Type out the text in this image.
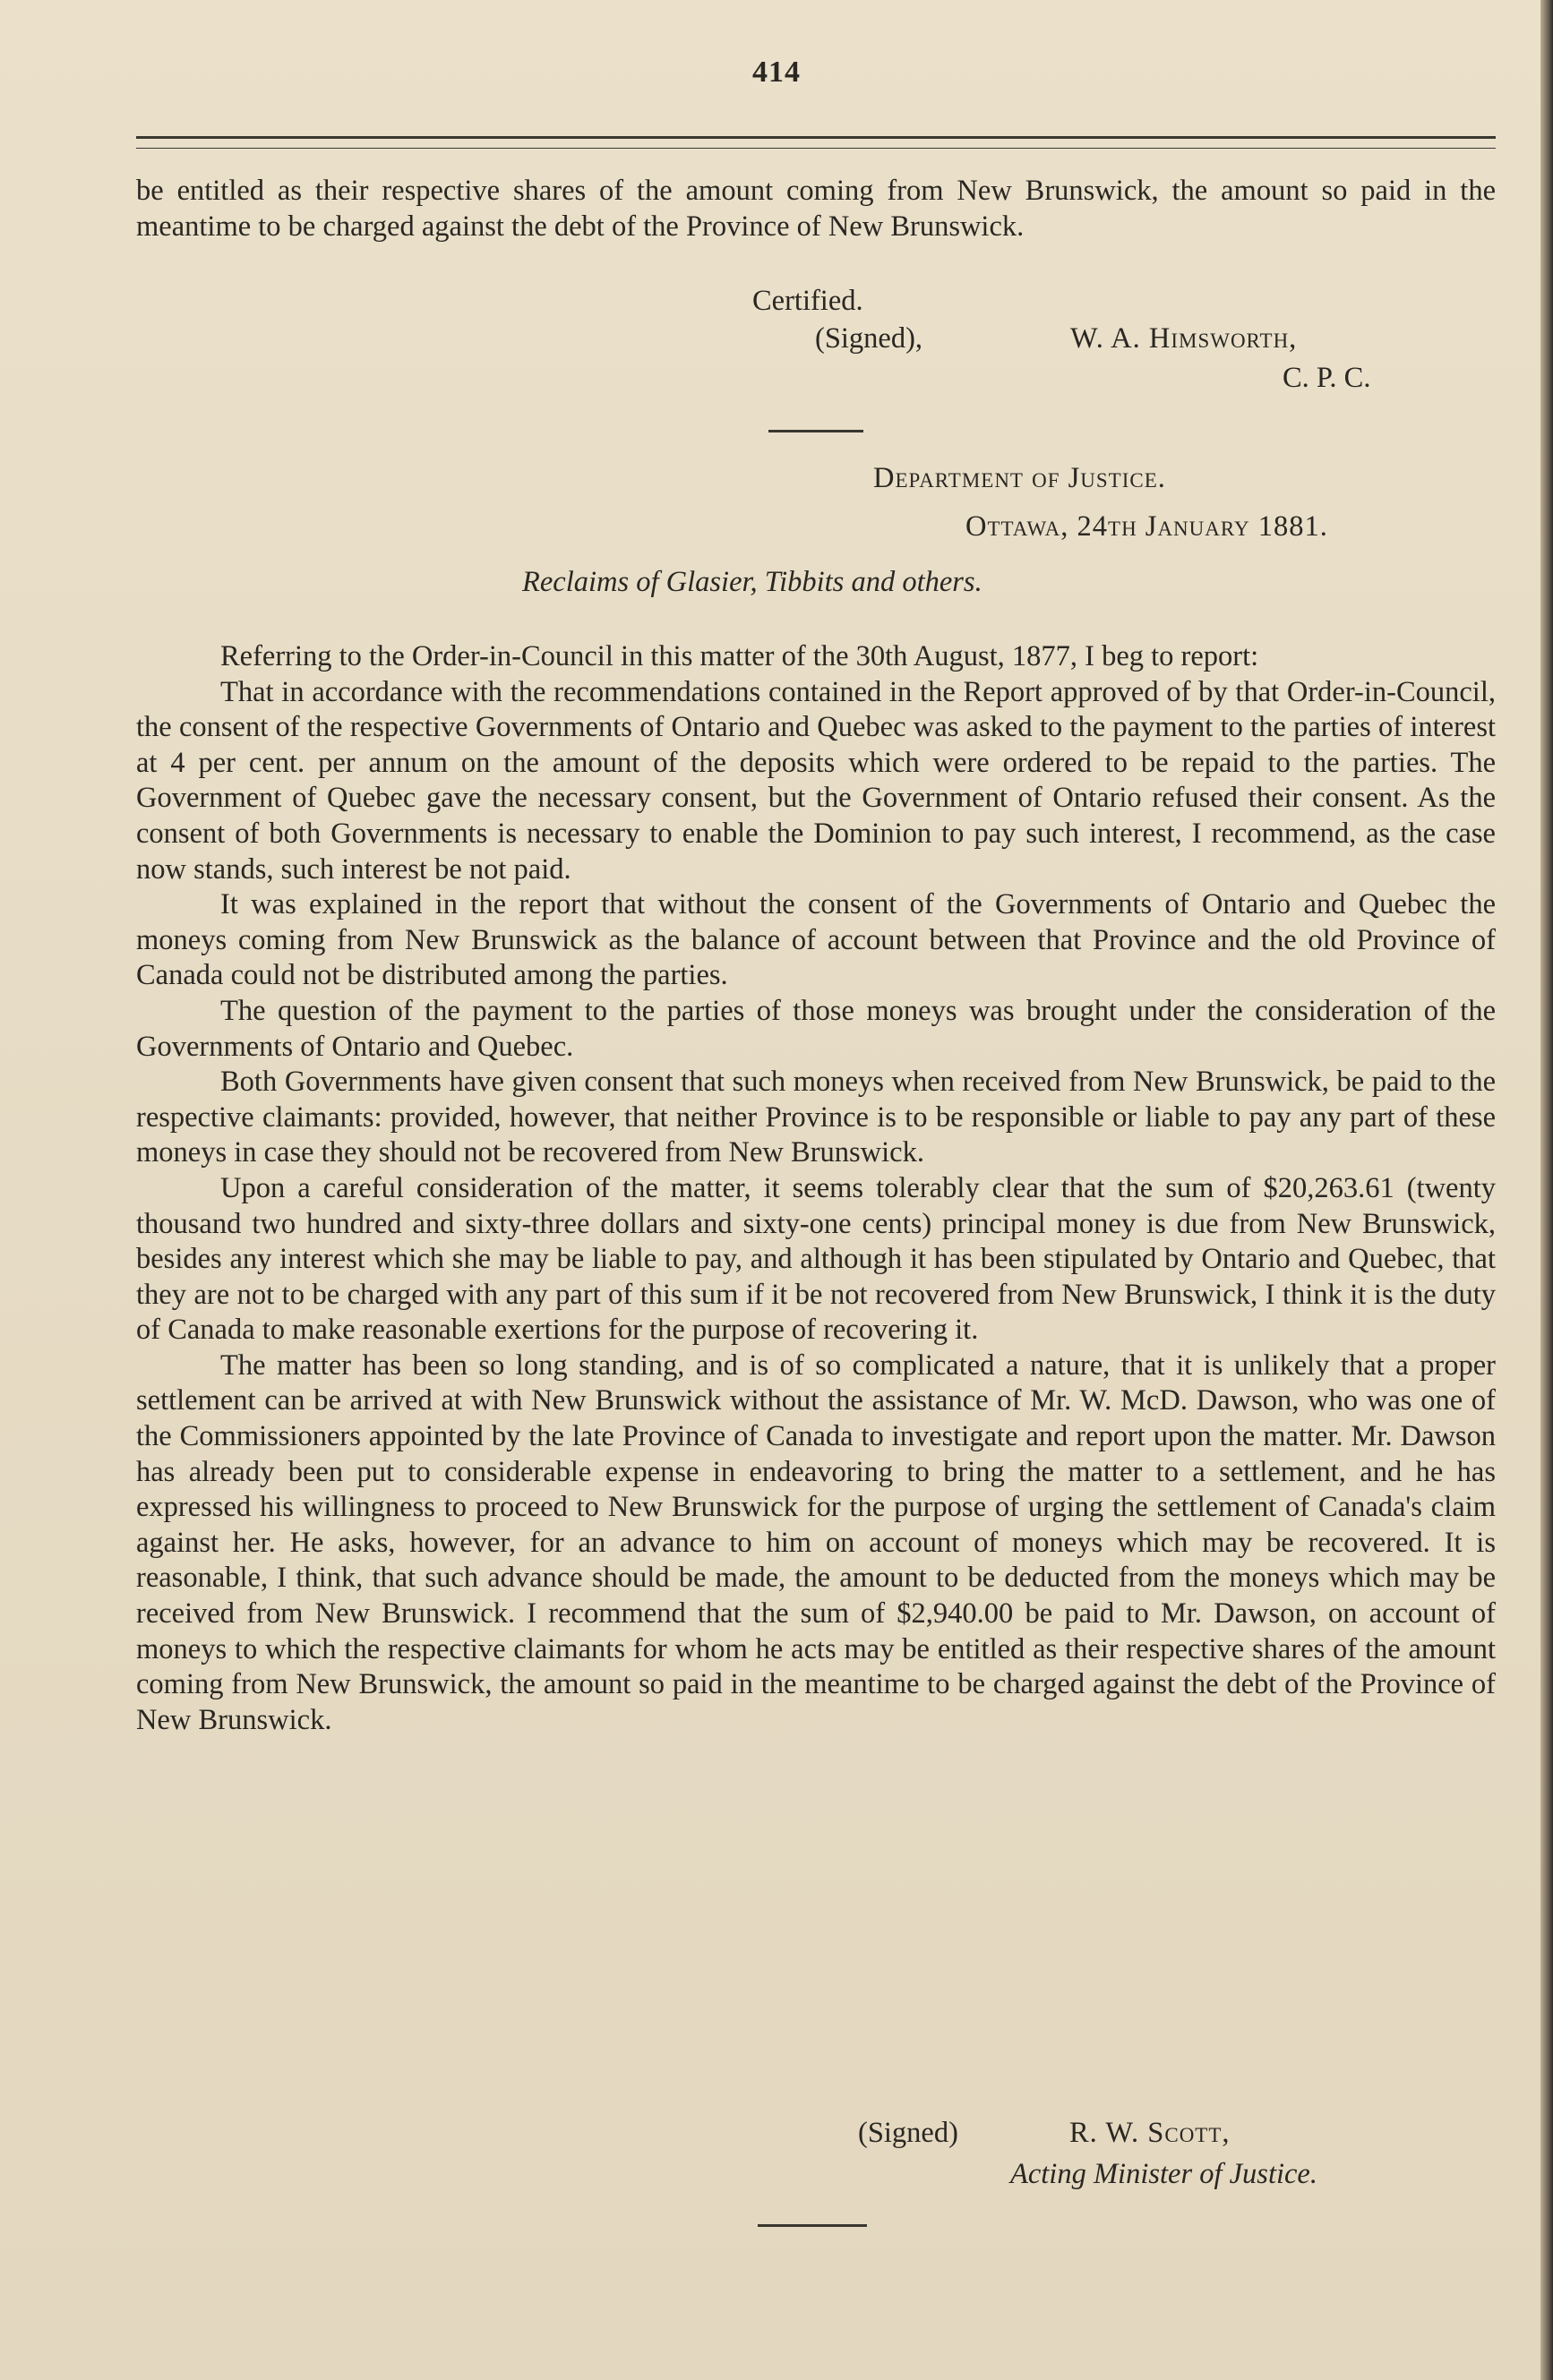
414

be entitled as their respective shares of the amount coming from New Brunswick, the amount so paid in the meantime to be charged against the debt of the Province of New Brunswick.

Certified.
(Signed),	W. A. Himsworth,
C. P. C.
Department of Justice.
Ottawa, 24th January 1881.
Reclaims of Glasier, Tibbits and others.

Referring to the Order-in-Council in this matter of the 30th August, 1877, I beg to report:

That in accordance with the recommendations contained in the Report approved of by that Order-in-Council, the consent of the respective Governments of Ontario and Quebec was asked to the payment to the parties of interest at 4 per cent. per annum on the amount of the deposits which were ordered to be repaid to the parties. The Government of Quebec gave the necessary consent, but the Government of Ontario refused their consent. As the consent of both Governments is necessary to enable the Dominion to pay such interest, I recommend, as the case now stands, such interest be not paid.

It was explained in the report that without the consent of the Governments of Ontario and Quebec the moneys coming from New Brunswick as the balance of account between that Province and the old Province of Canada could not be distributed among the parties.

The question of the payment to the parties of those moneys was brought under the consideration of the Governments of Ontario and Quebec.

Both Governments have given consent that such moneys when received from New Brunswick, be paid to the respective claimants: provided, however, that neither Province is to be responsible or liable to pay any part of these moneys in case they should not be recovered from New Brunswick.

Upon a careful consideration of the matter, it seems tolerably clear that the sum of $20,263.61 (twenty thousand two hundred and sixty-three dollars and sixty-one cents) principal money is due from New Brunswick, besides any interest which she may be liable to pay, and although it has been stipulated by Ontario and Quebec, that they are not to be charged with any part of this sum if it be not recovered from New Brunswick, I think it is the duty of Canada to make reasonable exertions for the purpose of recovering it.

The matter has been so long standing, and is of so complicated a nature, that it is unlikely that a proper settlement can be arrived at with New Brunswick without the assistance of Mr. W. McD. Dawson, who was one of the Commissioners appointed by the late Province of Canada to investigate and report upon the matter. Mr. Dawson has already been put to considerable expense in endeavoring to bring the matter to a settlement, and he has expressed his willingness to proceed to New Brunswick for the purpose of urging the settlement of Canada's claim against her. He asks, however, for an advance to him on account of moneys which may be recovered. It is reasonable, I think, that such advance should be made, the amount to be deducted from the moneys which may be received from New Brunswick. I recommend that the sum of $2,940.00 be paid to Mr. Dawson, on account of moneys to which the respective claimants for whom he acts may be entitled as their respective shares of the amount coming from New Brunswick, the amount so paid in the meantime to be charged against the debt of the Province of New Brunswick.

(Signed)	R. W. Scott,
Acting Minister of Justice.
